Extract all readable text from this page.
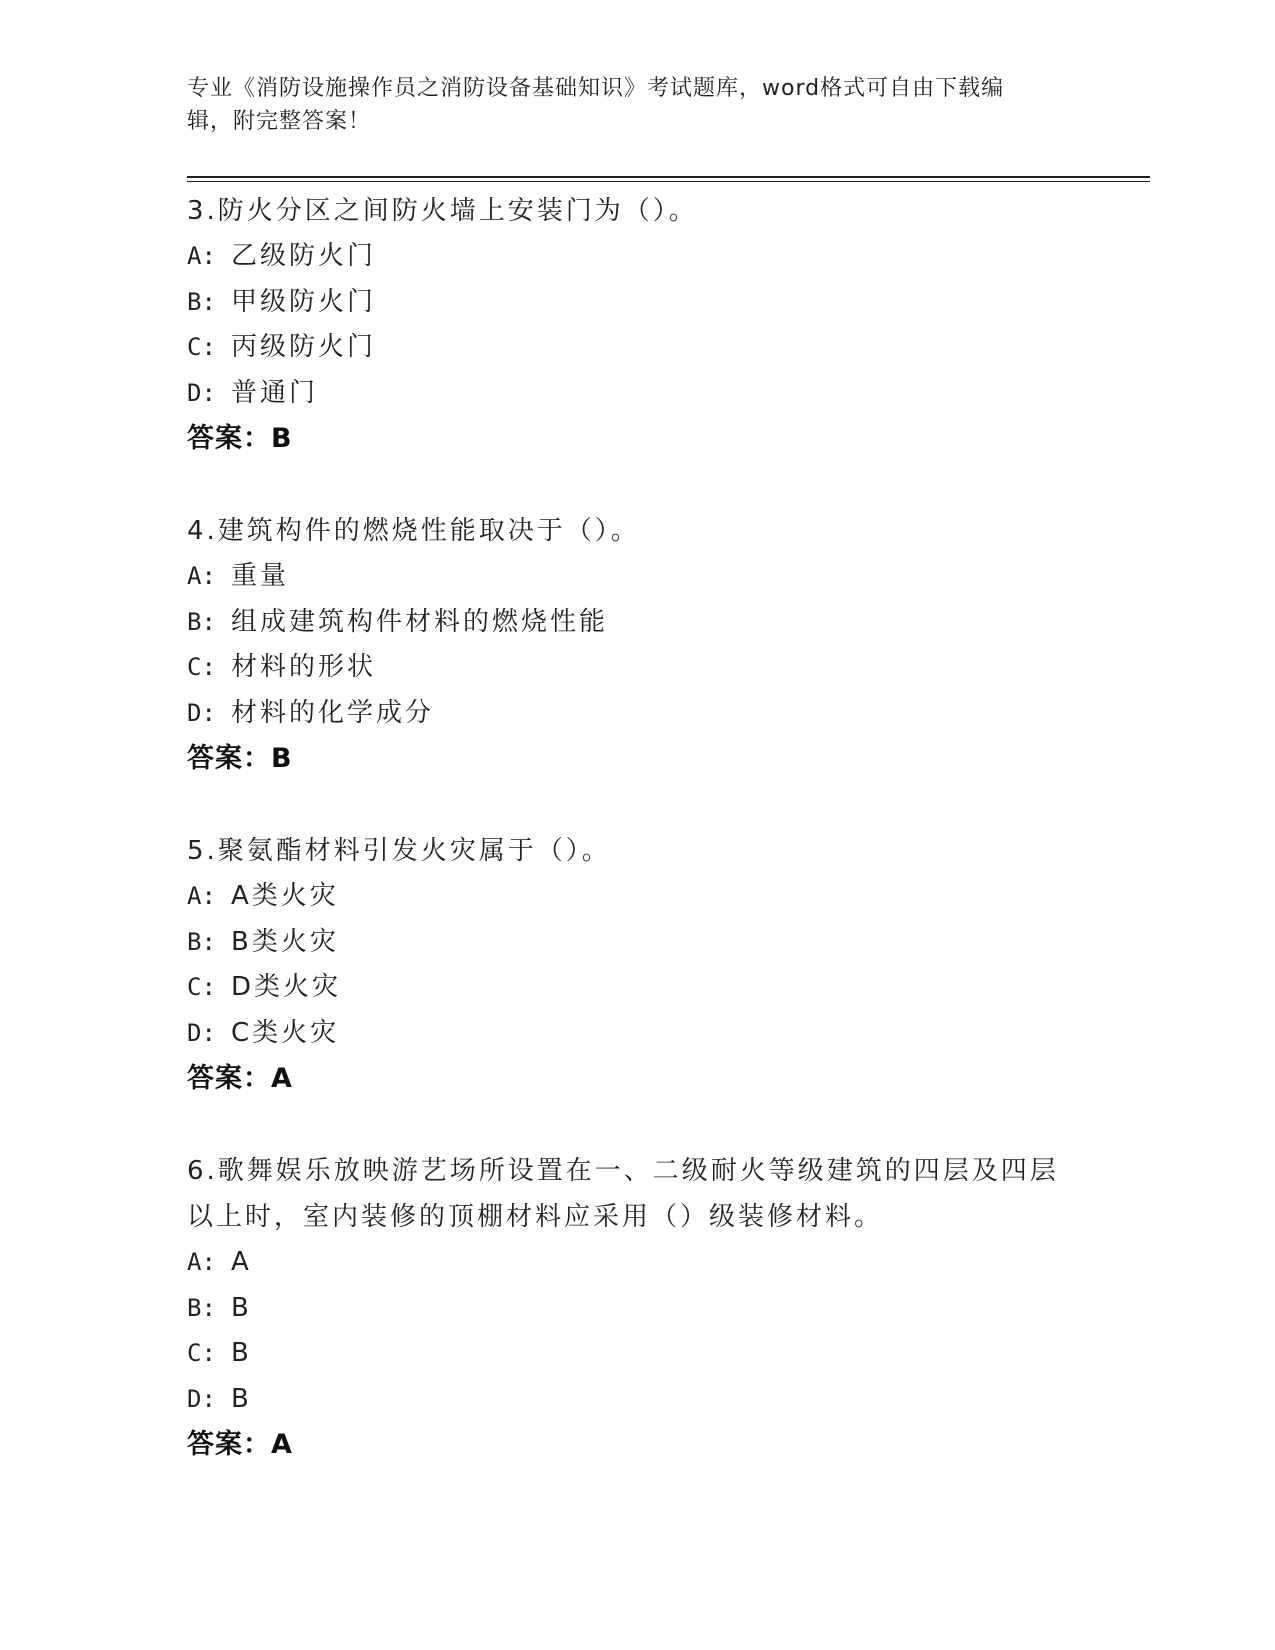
专业《消防设施操作员之消防设备基础知识》考试题库，word格式可自由下载编
辑，附完整答案！
3.防火分区之间防火墙上安装门为（）。
A: 乙级防火门
B: 甲级防火门
C: 丙级防火门
D: 普通门
答案：B
4.建筑构件的燃烧性能取决于（）。
A: 重量
B: 组成建筑构件材料的燃烧性能
C: 材料的形状
D: 材料的化学成分
答案：B
5.聚氨酯材料引发火灾属于（）。
A: A类火灾
B: B类火灾
C: D类火灾
D: C类火灾
答案：A
6.歌舞娱乐放映游艺场所设置在一、二级耐火等级建筑的四层及四层以上时，室内装修的顶棚材料应采用（）级装修材料。
A: A
B: B
C: B
D: B
答案：A
